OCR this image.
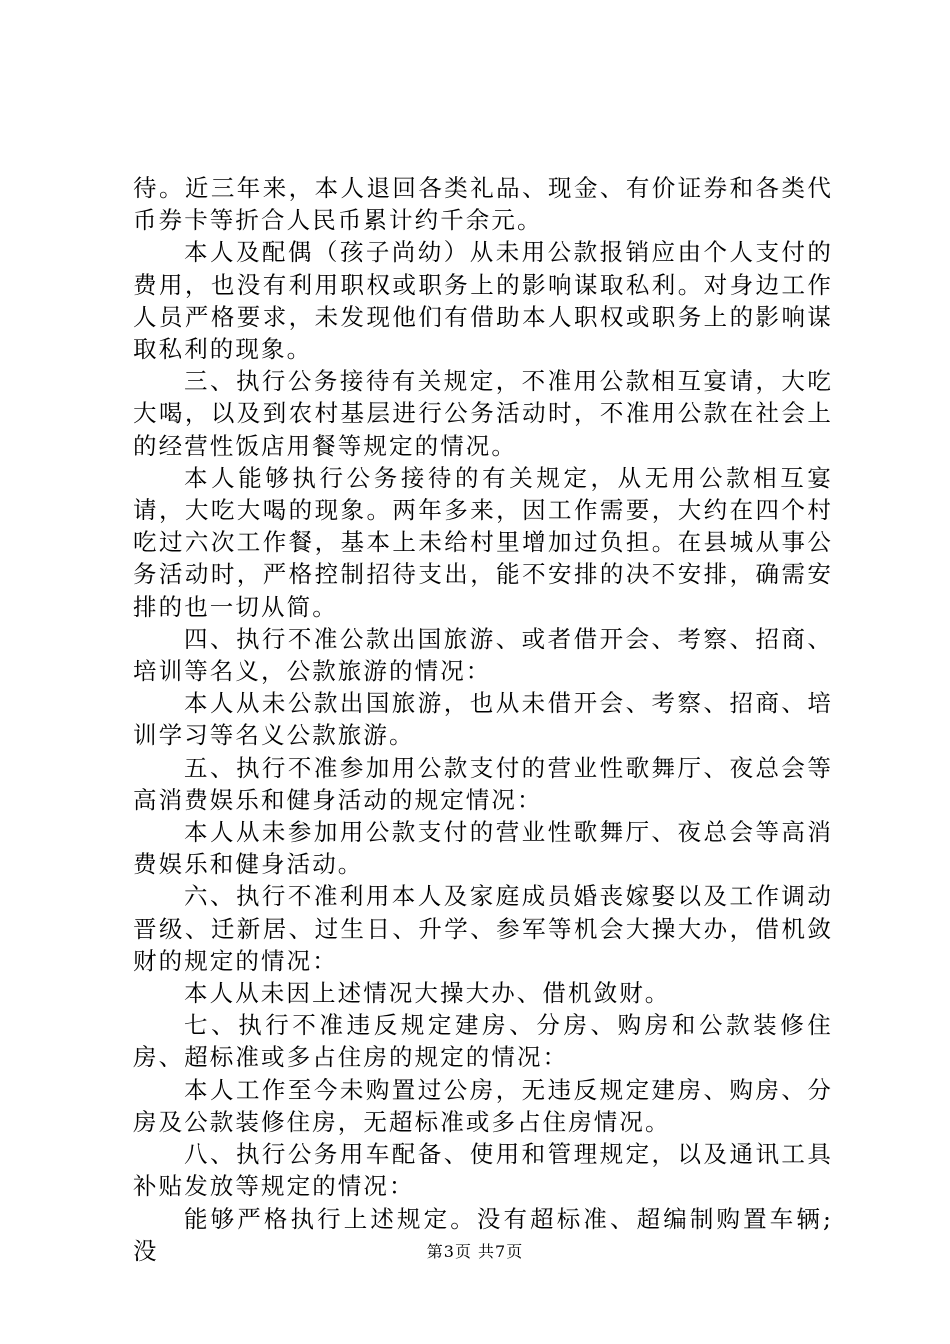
待。近三年来，本人退回各类礼品、现金、有价证券和各类代币券卡等折合人民币累计约千余元。

本人及配偶（孩子尚幼）从未用公款报销应由个人支付的费用，也没有利用职权或职务上的影响谋取私利。对身边工作人员严格要求，未发现他们有借助本人职权或职务上的影响谋取私利的现象。

三、执行公务接待有关规定，不准用公款相互宴请，大吃大喝，以及到农村基层进行公务活动时，不准用公款在社会上的经营性饭店用餐等规定的情况。

本人能够执行公务接待的有关规定，从无用公款相互宴请，大吃大喝的现象。两年多来，因工作需要，大约在四个村吃过六次工作餐，基本上未给村里增加过负担。在县城从事公务活动时，严格控制招待支出，能不安排的决不安排，确需安排的也一切从简。

四、执行不准公款出国旅游、或者借开会、考察、招商、培训等名义，公款旅游的情况：

本人从未公款出国旅游，也从未借开会、考察、招商、培训学习等名义公款旅游。

五、执行不准参加用公款支付的营业性歌舞厅、夜总会等高消费娱乐和健身活动的规定情况：

本人从未参加用公款支付的营业性歌舞厅、夜总会等高消费娱乐和健身活动。

六、执行不准利用本人及家庭成员婚丧嫁娶以及工作调动晋级、迁新居、过生日、升学、参军等机会大操大办，借机敛财的规定的情况：

本人从未因上述情况大操大办、借机敛财。

七、执行不准违反规定建房、分房、购房和公款装修住房、超标准或多占住房的规定的情况：

本人工作至今未购置过公房，无违反规定建房、购房、分房及公款装修住房，无超标准或多占住房情况。

八、执行公务用车配备、使用和管理规定，以及通讯工具补贴发放等规定的情况：

能够严格执行上述规定。没有超标准、超编制购置车辆;没	第3页 共7页
